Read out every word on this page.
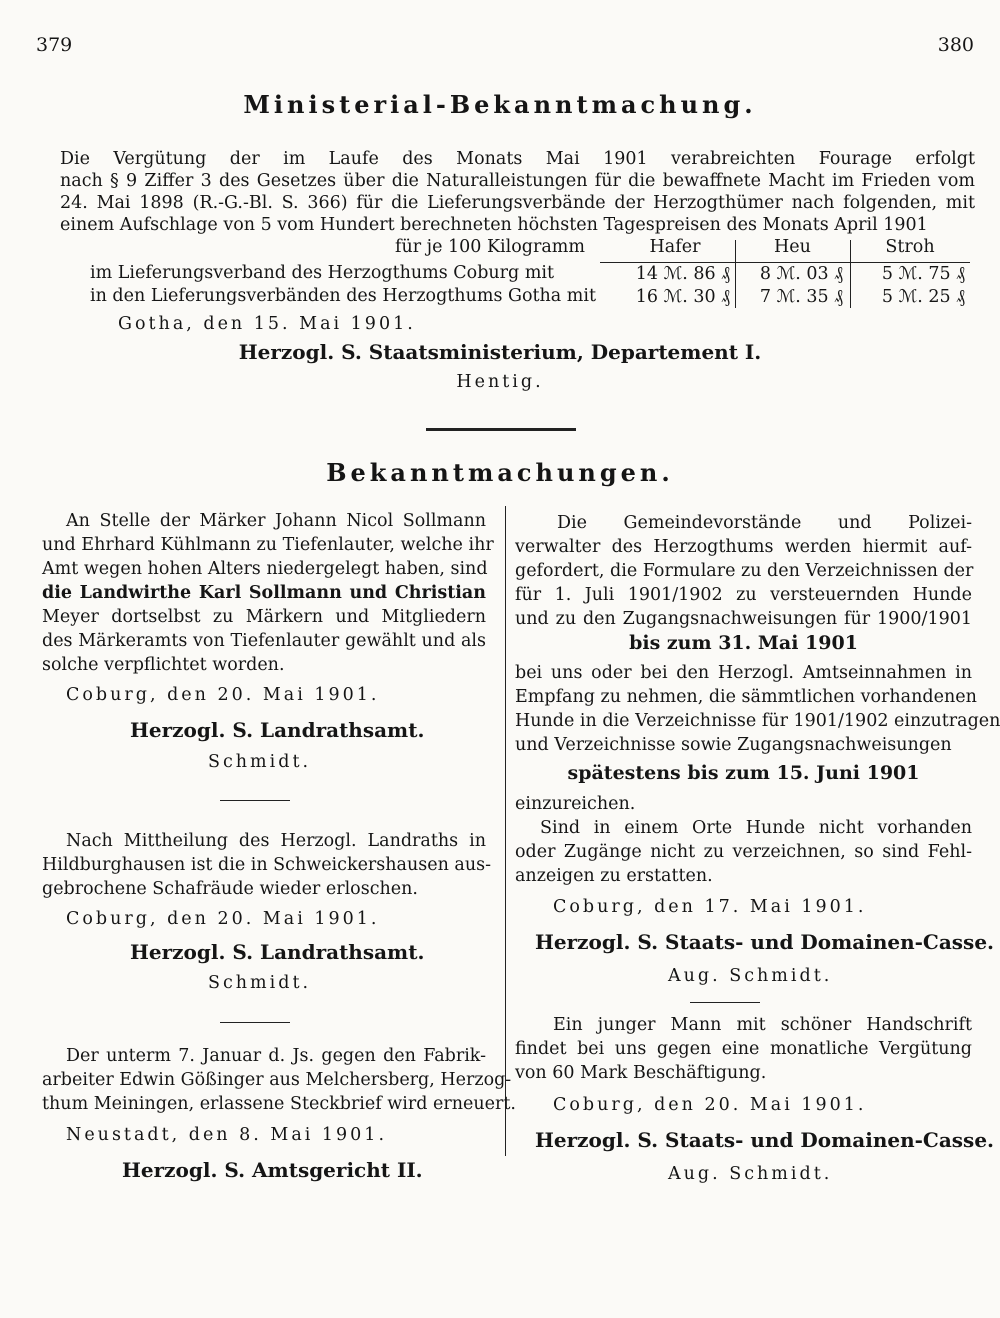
379	380
Ministerial-Bekanntmachung.
Die Vergütung der im Laufe des Monats Mai 1901 verabreichten Fourage erfolgt
nach § 9 Ziffer 3 des Gesetzes über die Naturalleistungen für die bewaffnete Macht im Frieden vom
24. Mai 1898 (R.-G.-Bl. S. 366) für die Lieferungsverbände der Herzogthümer nach folgenden, mit
einem Aufschlage von 5 vom Hundert berechneten höchsten Tagespreisen des Monats April 1901
für je 100 Kilogramm	Hafer	Heu	Stroh
im Lieferungsverband des Herzogthums Coburg mit	14 ℳ. 86 ₰	8 ℳ. 03 ₰	5 ℳ. 75 ₰
in den Lieferungsverbänden des Herzogthums Gotha mit	16 ℳ. 30 ₰	7 ℳ. 35 ₰	5 ℳ. 25 ₰
Gotha, den 15. Mai 1901.
Herzogl. S. Staatsministerium, Departement I.
Hentig.
Bekanntmachungen.
An Stelle der Märker Johann Nicol Sollmann
und Ehrhard Kühlmann zu Tiefenlauter, welche ihr
Amt wegen hohen Alters niedergelegt haben, sind
die Landwirthe Karl Sollmann und Christian
Meyer dortselbst zu Märkern und Mitgliedern
des Märkeramts von Tiefenlauter gewählt und als
solche verpflichtet worden.
Coburg, den 20. Mai 1901.
Herzogl. S. Landrathsamt.
Schmidt.
Nach Mittheilung des Herzogl. Landraths in
Hildburghausen ist die in Schweickershausen aus-
gebrochene Schafräude wieder erloschen.
Coburg, den 20. Mai 1901.
Herzogl. S. Landrathsamt.
Schmidt.
Der unterm 7. Januar d. Js. gegen den Fabrik-
arbeiter Edwin Gößinger aus Melchersberg, Herzog-
thum Meiningen, erlassene Steckbrief wird erneuert.
Neustadt, den 8. Mai 1901.
Herzogl. S. Amtsgericht II.
Die Gemeindevorstände und Polizei-
verwalter des Herzogthums werden hiermit auf-
gefordert, die Formulare zu den Verzeichnissen der
für 1. Juli 1901/1902 zu versteuernden Hunde
und zu den Zugangsnachweisungen für 1900/1901
bis zum 31. Mai 1901
bei uns oder bei den Herzogl. Amtseinnahmen in
Empfang zu nehmen, die sämmtlichen vorhandenen
Hunde in die Verzeichnisse für 1901/1902 einzutragen
und Verzeichnisse sowie Zugangsnachweisungen
spätestens bis zum 15. Juni 1901
einzureichen.
Sind in einem Orte Hunde nicht vorhanden
oder Zugänge nicht zu verzeichnen, so sind Fehl-
anzeigen zu erstatten.
Coburg, den 17. Mai 1901.
Herzogl. S. Staats- und Domainen-Casse.
Aug. Schmidt.
Ein junger Mann mit schöner Handschrift
findet bei uns gegen eine monatliche Vergütung
von 60 Mark Beschäftigung.
Coburg, den 20. Mai 1901.
Herzogl. S. Staats- und Domainen-Casse.
Aug. Schmidt.
